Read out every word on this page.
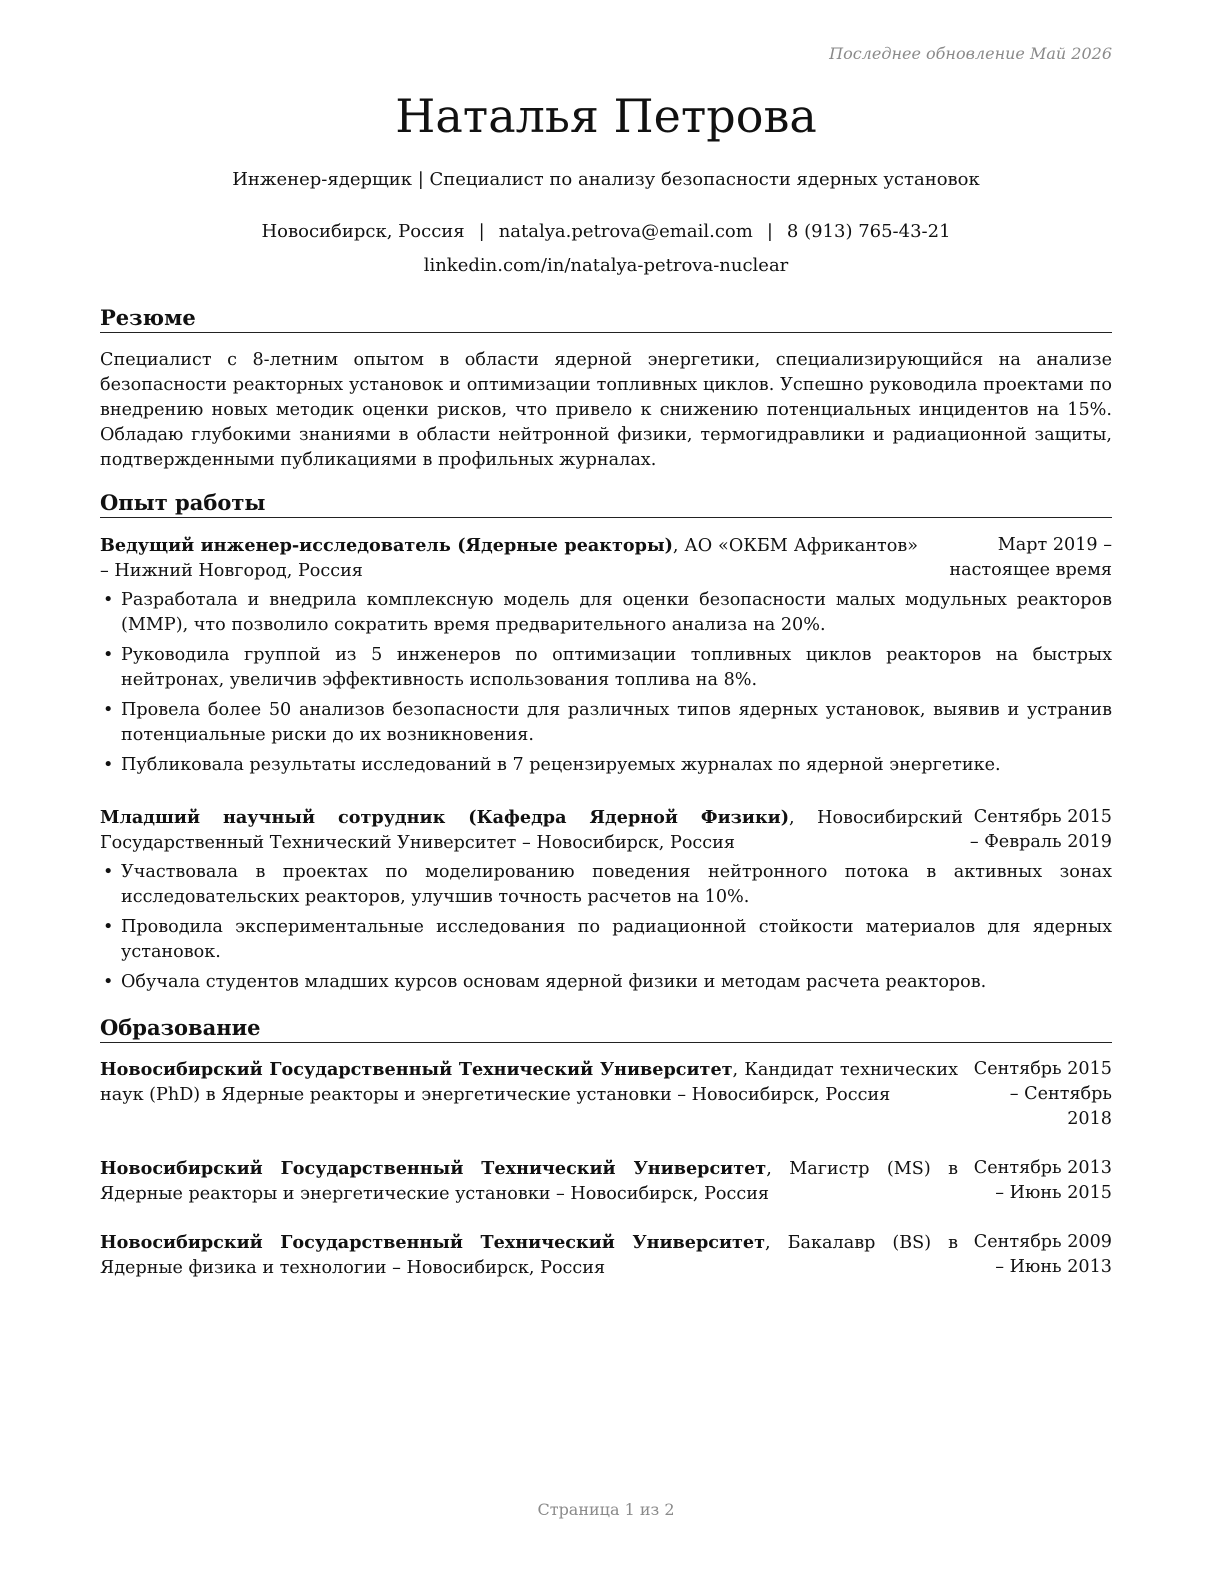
Последнее обновление Май 2026
Наталья Петрова
Инженер-ядерщик | Специалист по анализу безопасности ядерных установок
Новосибирск, Россия | natalya.petrova@email.com | 8 (913) 765-43-21
linkedin.com/in/natalya-petrova-nuclear
Резюме
Специалист с 8-летним опытом в области ядерной энергетики, специализирующийся на анализе безопасности реакторных установок и оптимизации топливных циклов. Успешно руководила проектами по внедрению новых методик оценки рисков, что привело к снижению потенциальных инцидентов на 15%. Обладаю глубокими знаниями в области нейтронной физики, термогидравлики и радиационной защиты, подтвержденными публикациями в профильных журналах.
Опыт работы
Ведущий инженер-исследователь (Ядерные реакторы), АО «ОКБМ Африкантов» – Нижний Новгород, Россия
Март 2019 – настоящее время
• Разработала и внедрила комплексную модель для оценки безопасности малых модульных реакторов (ММР), что позволило сократить время предварительного анализа на 20%.
• Руководила группой из 5 инженеров по оптимизации топливных циклов реакторов на быстрых нейтронах, увеличив эффективность использования топлива на 8%.
• Провела более 50 анализов безопасности для различных типов ядерных установок, выявив и устранив потенциальные риски до их возникновения.
• Публиковала результаты исследований в 7 рецензируемых журналах по ядерной энергетике.
Младший научный сотрудник (Кафедра Ядерной Физики), Новосибирский Государственный Технический Университет – Новосибирск, Россия
Сентябрь 2015 – Февраль 2019
• Участвовала в проектах по моделированию поведения нейтронного потока в активных зонах исследовательских реакторов, улучшив точность расчетов на 10%.
• Проводила экспериментальные исследования по радиационной стойкости материалов для ядерных установок.
• Обучала студентов младших курсов основам ядерной физики и методам расчета реакторов.
Образование
Новосибирский Государственный Технический Университет, Кандидат технических наук (PhD) в Ядерные реакторы и энергетические установки – Новосибирск, Россия
Сентябрь 2015 – Сентябрь 2018
Новосибирский Государственный Технический Университет, Магистр (MS) в Ядерные реакторы и энергетические установки – Новосибирск, Россия
Сентябрь 2013 – Июнь 2015
Новосибирский Государственный Технический Университет, Бакалавр (BS) в Ядерные физика и технологии – Новосибирск, Россия
Сентябрь 2009 – Июнь 2013
Страница 1 из 2
